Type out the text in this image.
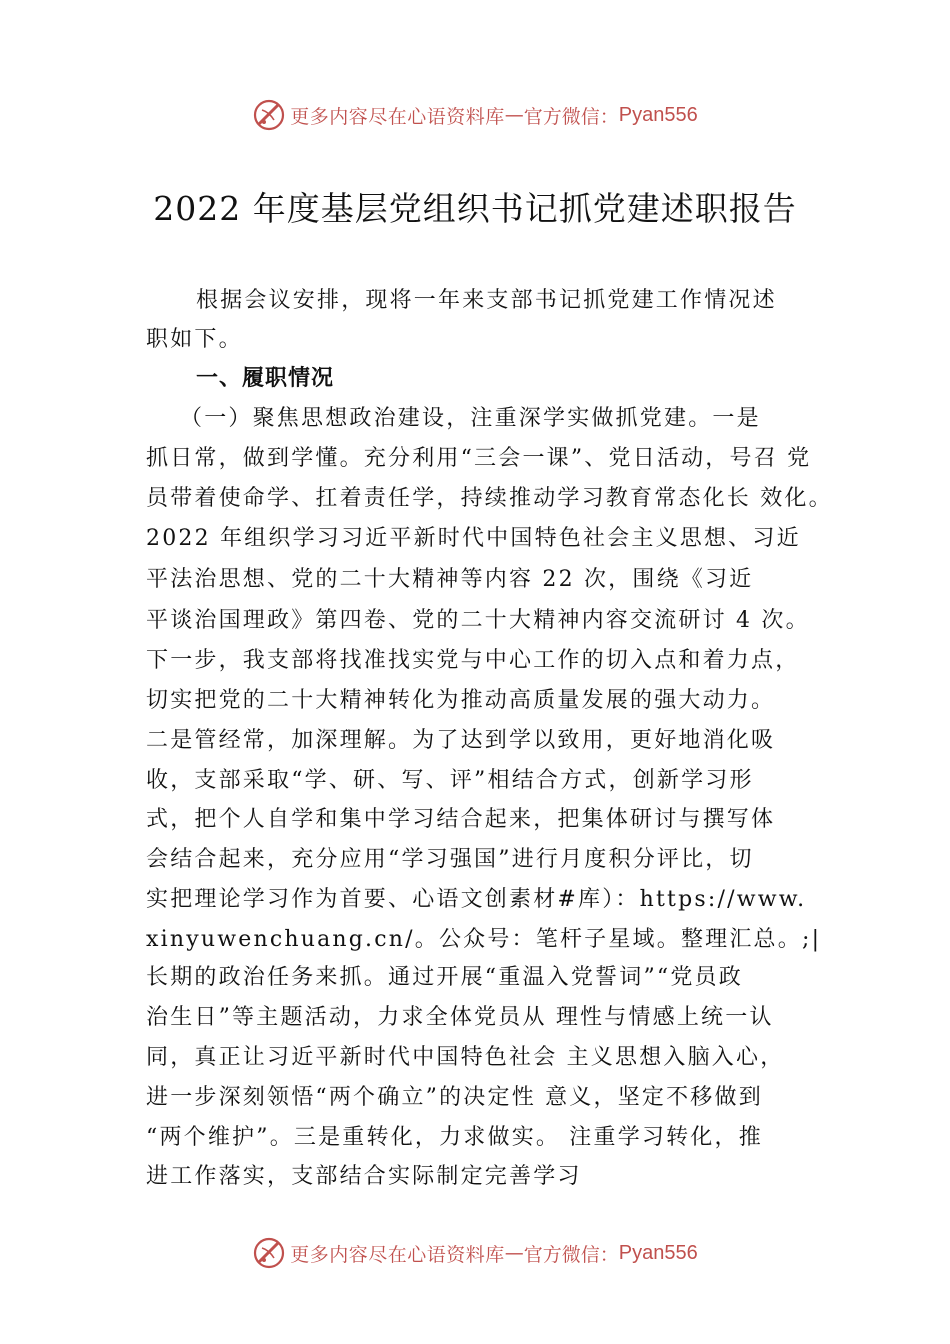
更多内容尽在心语资料库 — 官方微信： Pyan556
2022 年度基层党组织书记抓党建述职报告
根据会议安排，现将一年来支部书记抓党建工作情况述
职如下。
一、履职情况
（一）聚焦思想政治建设，注重深学实做抓党建。一是
抓日常，做到学懂。充分利用“三会一课”、党日活动，号召 党
员带着使命学、扛着责任学，持续推动学习教育常态化长 效化。
2022 年组织学习习近平新时代中国特色社会主义思想、习近
平法治思想、党的二十大精神等内容 22 次，围绕《习近
平谈治国理政》第四卷、党的二十大精神内容交流研讨 4 次。
下一步，我支部将找准找实党与中心工作的切入点和着力点，
切实把党的二十大精神转化为推动高质量发展的强大动力。
二是管经常，加深理解。为了达到学以致用，更好地消化吸
收，支部采取“学、研、写、评”相结合方式，创新学习形
式，把个人自学和集中学习结合起来，把集体研讨与撰写体
会结合起来，充分应用“学习强国”进行月度积分评比，切
实把理论学习作为首要、心语文创素材#库）：https://www.
xinyuwenchuang.cn/。公众号：笔杆子星域。整理汇总。;|
长期的政治任务来抓。通过开展“重温入党誓词”“党员政
治生日”等主题活动，力求全体党员从 理性与情感上统一认
同，真正让习近平新时代中国特色社会 主义思想入脑入心，
进一步深刻领悟“两个确立”的决定性 意义，坚定不移做到
“两个维护”。三是重转化，力求做实。 注重学习转化，推
进工作落实，支部结合实际制定完善学习
更多内容尽在心语资料库 — 官方微信： Pyan556
